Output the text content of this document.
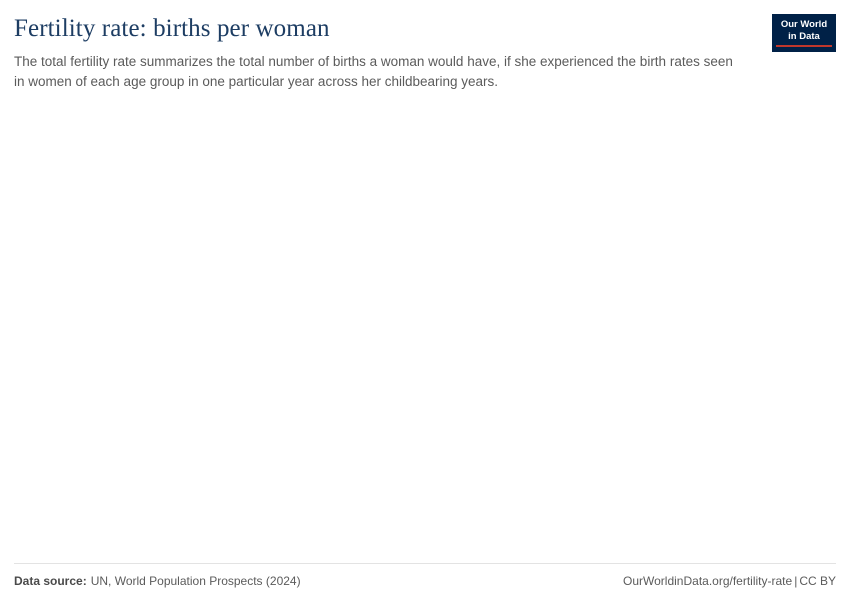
Fertility rate: births per woman

The total fertility rate summarizes the total number of births a woman would have, if she experienced the birth rates seen in women of each age group in one particular year across her childbearing years.

Our World
in Data
Data source: UN, World Population Prospects (2024)	OurWorldinData.org/fertility-rate | CC BY
